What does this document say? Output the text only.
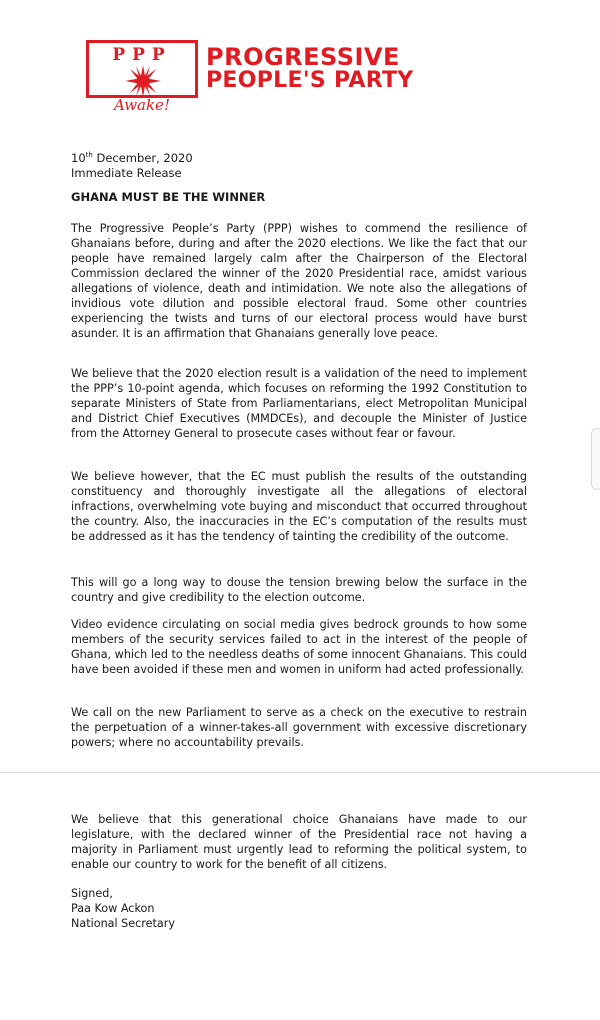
PPP
Awake!
PROGRESSIVE
PEOPLE'S PARTY
10th December, 2020
Immediate Release
GHANA MUST BE THE WINNER

The Progressive People’s Party (PPP) wishes to commend the resilience of Ghanaians before, during and after the 2020 elections. We like the fact that our people have remained largely calm after the Chairperson of the Electoral Commission declared the winner of the 2020 Presidential race, amidst various allegations of violence, death and intimidation. We note also the allegations of invidious vote dilution and possible electoral fraud. Some other countries experiencing the twists and turns of our electoral process would have burst asunder. It is an affirmation that Ghanaians generally love peace.

We believe that the 2020 election result is a validation of the need to implement the PPP’s 10-point agenda, which focuses on reforming the 1992 Constitution to separate Ministers of State from Parliamentarians, elect Metropolitan Municipal and District Chief Executives (MMDCEs), and decouple the Minister of Justice from the Attorney General to prosecute cases without fear or favour.

We believe however, that the EC must publish the results of the outstanding constituency and thoroughly investigate all the allegations of electoral infractions, overwhelming vote buying and misconduct that occurred throughout the country. Also, the inaccuracies in the EC’s computation of the results must be addressed as it has the tendency of tainting the credibility of the outcome.

This will go a long way to douse the tension brewing below the surface in the country and give credibility to the election outcome.

Video evidence circulating on social media gives bedrock grounds to how some members of the security services failed to act in the interest of the people of Ghana, which led to the needless deaths of some innocent Ghanaians. This could have been avoided if these men and women in uniform had acted professionally.

We call on the new Parliament to serve as a check on the executive to restrain the perpetuation of a winner-takes-all government with excessive discretionary powers; where no accountability prevails.

We believe that this generational choice Ghanaians have made to our legislature, with the declared winner of the Presidential race not having a majority in Parliament must urgently lead to reforming the political system, to enable our country to work for the benefit of all citizens.

Signed,
Paa Kow Ackon
National Secretary
